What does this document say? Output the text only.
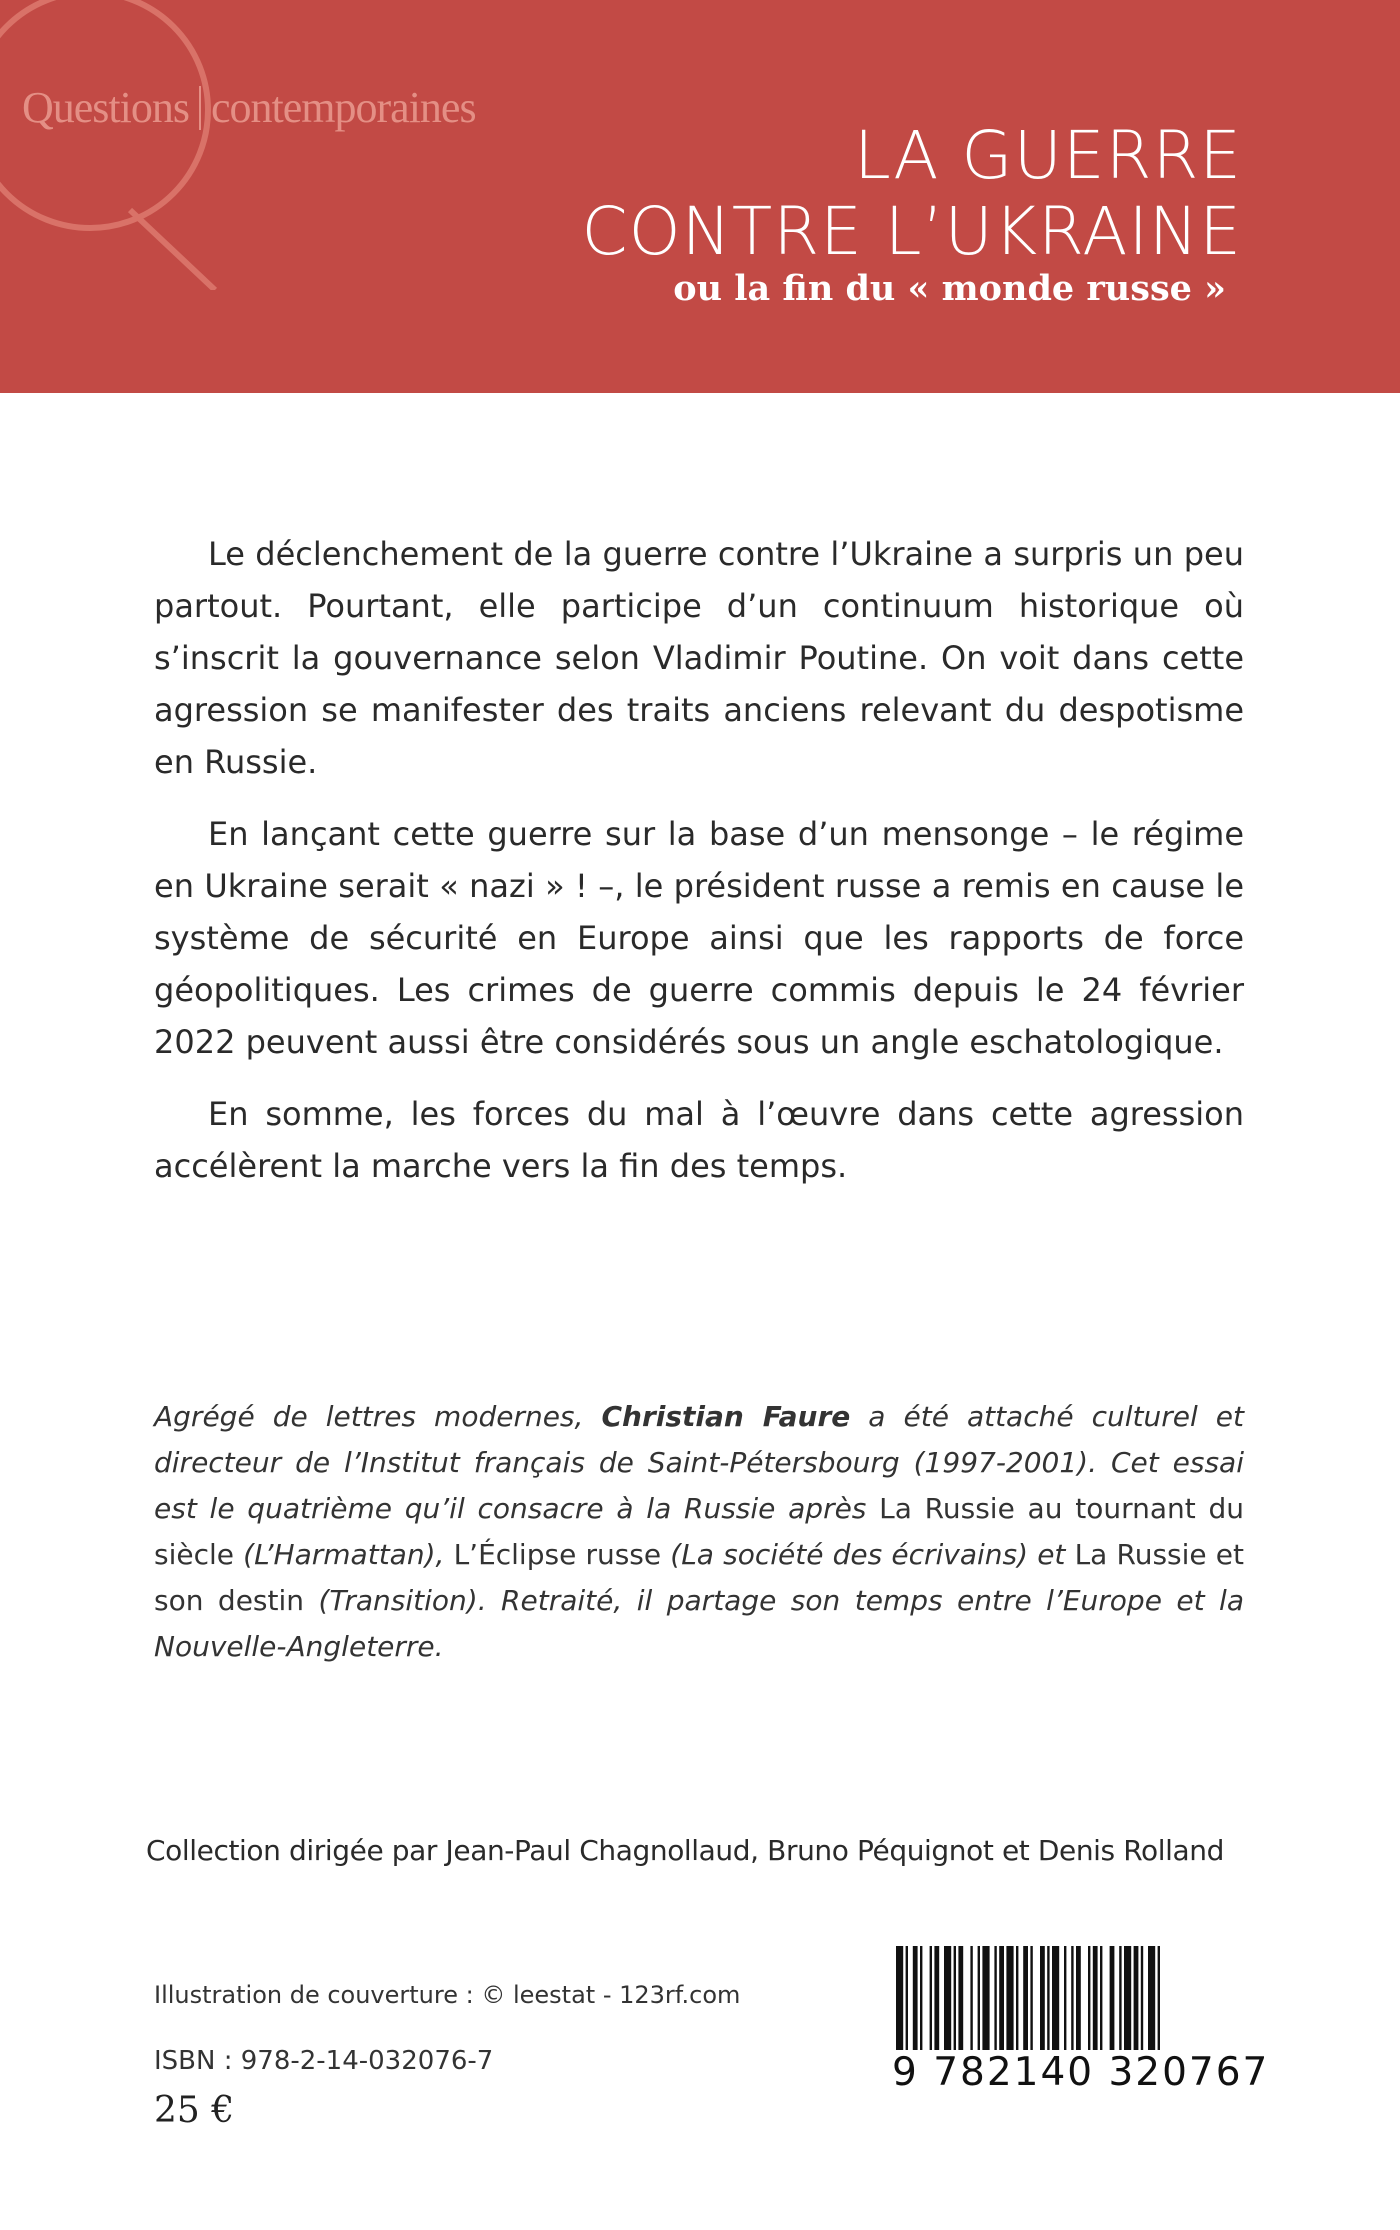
Questions contemporaines
LA GUERRE
CONTRE L’UKRAINE
ou la fin du « monde russe »

Le déclenchement de la guerre contre l’Ukraine a surpris un peu partout. Pourtant, elle participe d’un continuum historique où s’inscrit la gouvernance selon Vladimir Poutine. On voit dans cette agression se manifester des traits anciens relevant du despotisme en Russie.

En lançant cette guerre sur la base d’un mensonge – le régime en Ukraine serait « nazi » ! –, le président russe a remis en cause le système de sécurité en Europe ainsi que les rapports de force géopolitiques. Les crimes de guerre commis depuis le 24 février 2022 peuvent aussi être considérés sous un angle eschatologique.

En somme, les forces du mal à l’œuvre dans cette agression accélèrent la marche vers la fin des temps.

Agrégé de lettres modernes, Christian Faure a été attaché culturel et directeur de l’Institut français de Saint-Pétersbourg (1997-2001). Cet essai est le quatrième qu’il consacre à la Russie après La Russie au tournant du siècle (L’Harmattan), L’Éclipse russe (La société des écrivains) et La Russie et son destin (Transition). Retraité, il partage son temps entre l’Europe et la Nouvelle-Angleterre.
Collection dirigée par Jean-Paul Chagnollaud, Bruno Péquignot et Denis Rolland
Illustration de couverture : © leestat - 123rf.com
ISBN : 978-2-14-032076-7
25 €
9 782140 320767
